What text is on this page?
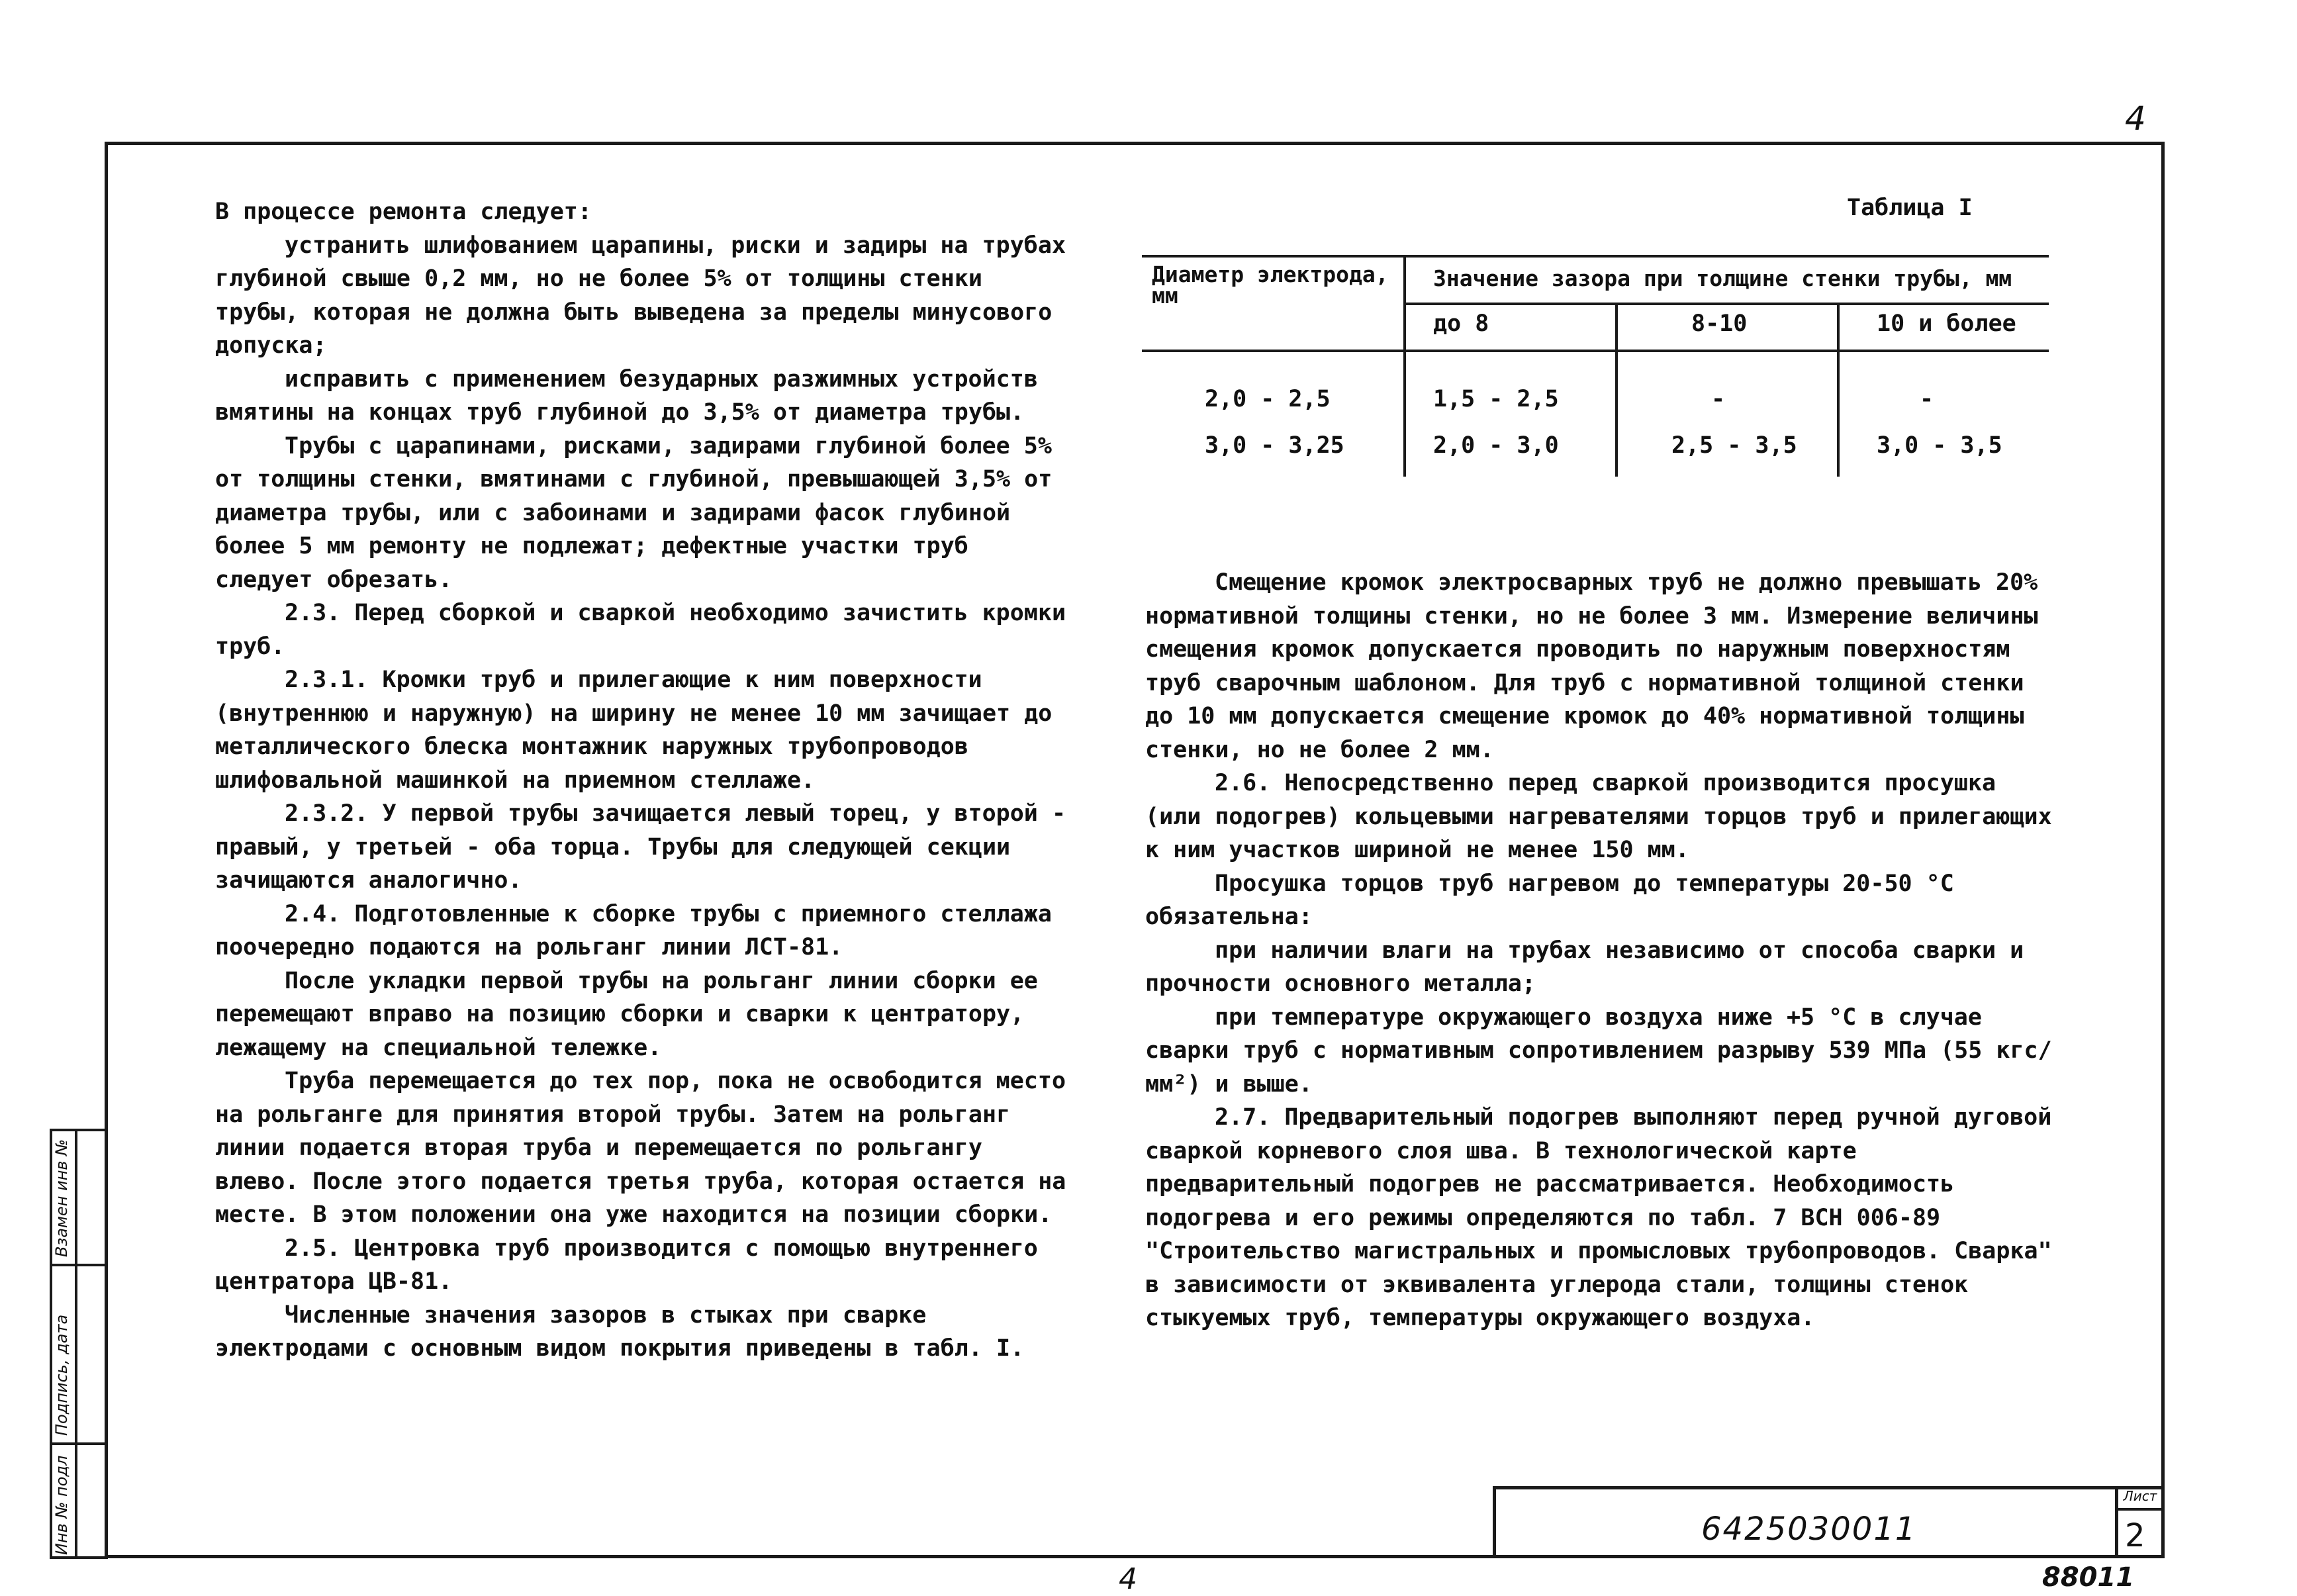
4
4	88011

В процессе ремонта следует:

устранить шлифованием царапины, риски и задиры на трубах глубиной свыше 0,2 мм, но не более 5% от толщины стенки трубы, которая не должна быть выведена за пределы минусового допуска;

исправить с применением безударных разжимных устройств вмятины на концах труб глубиной до 3,5% от диаметра трубы.

Трубы с царапинами, рисками, задирами глубиной более 5% от толщины стенки, вмятинами с глубиной, превышающей 3,5% от диаметра трубы, или с забоинами и задирами фасок глубиной более 5 мм ремонту не подлежат; дефектные участки труб следует обрезать.

2.3. Перед сборкой и сваркой необходимо зачистить кромки труб.

2.3.1. Кромки труб и прилегающие к ним поверхности (внутреннюю и наружную) на ширину не менее 10 мм зачищает до металлического блеска монтажник наружных трубопроводов шлифовальной машинкой на приемном стеллаже.

2.3.2. У первой трубы зачищается левый торец, у второй - правый, у третьей - оба торца. Трубы для следующей секции зачищаются аналогично.

2.4. Подготовленные к сборке трубы с приемного стеллажа поочередно подаются на рольганг линии ЛСТ-81.

После укладки первой трубы на рольганг линии сборки ее перемещают вправо на позицию сборки и сварки к центратору, лежащему на специальной тележке.

Труба перемещается до тех пор, пока не освободится место на рольганге для принятия второй трубы. Затем на рольганг линии подается вторая труба и перемещается по рольгангу влево. После этого подается третья труба, которая остается на месте. В этом положении она уже находится на позиции сборки.

2.5. Центровка труб производится с помощью внутреннего центратора ЦВ-81.

Численные значения зазоров в стыках при сварке электродами с основным видом покрытия приведены в табл. I.

Таблица I
Диаметр электрода, мм
Значение зазора при толщине стенки трубы, мм
до 8	8-10	10 и более
2,0 - 2,5	1,5 - 2,5	-	-
3,0 - 3,25	2,0 - 3,0	2,5 - 3,5	3,0 - 3,5

Смещение кромок электросварных труб не должно превышать 20% нормативной толщины стенки, но не более 3 мм. Измерение величины смещения кромок допускается проводить по наружным поверхностям труб сварочным шаблоном. Для труб с нормативной толщиной стенки до 10 мм допускается смещение кромок до 40% нормативной толщины стенки, но не более 2 мм.

2.6. Непосредственно перед сваркой производится просушка (или подогрев) кольцевыми нагревателями торцов труб и прилегающих к ним участков шириной не менее 150 мм.

Просушка торцов труб нагревом до температуры 20-50 °С обязательна:

при наличии влаги на трубах независимо от способа сварки и прочности основного металла;

при температуре окружающего воздуха ниже +5 °С в случае сварки труб с нормативным сопротивлением разрыву 539 МПа (55 кгс/мм²) и выше.

2.7. Предварительный подогрев выполняют перед ручной дуговой сваркой корневого слоя шва. В технологической карте предварительный подогрев не рассматривается. Необходимость подогрева и его режимы определяются по табл. 7 ВСН 006-89 "Строительство магистральных и промысловых трубопроводов. Сварка" в зависимости от эквивалента углерода стали, толщины стенок стыкуемых труб, температуры окружающего воздуха.

6425030011
Лист
2
Инв № подл
Подпись, дата
Взамен инв №
